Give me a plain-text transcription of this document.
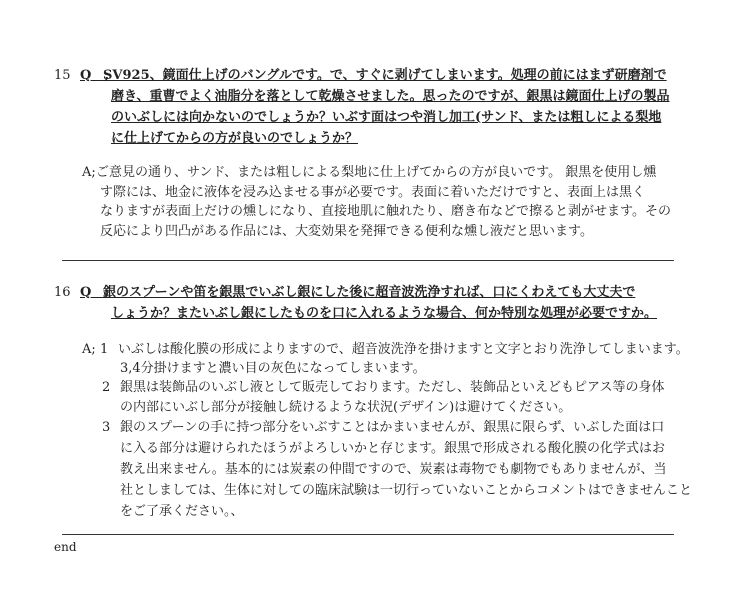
15 Q　;
SV925、鏡面仕上げのバングルです。で、すぐに剥げてしまいます。処理の前にはまず研磨剤で
磨き、重曹でよく油脂分を落として乾燥させました。思ったのですが、銀黒は鏡面仕上げの製品
のいぶしには向かないのでしょうか？いぶす面はつや消し加工(サンド、または粗しによる梨地
に仕上げてからの方が良いのでしょうか？
A; ご意見の通り、サンド、または粗しによる梨地に仕上げてからの方が良いです。 銀黒を使用し燻
す際には、地金に液体を浸み込ませる事が必要です。表面に着いただけですと、表面上は黒く
なりますが表面上だけの燻しになり、直接地肌に触れたり、磨き布などで擦ると剥がせます。その
反応により凹凸がある作品には、大変効果を発揮できる便利な燻し液だと思います。
16 Q　;
銀のスプーンや笛を銀黒でいぶし銀にした後に超音波洗浄すれば、口にくわえても大丈夫で
しょうか？またいぶし銀にしたものを口に入れるような場合、何か特別な処理が必要ですか。
A; 1 いぶしは酸化膜の形成によりますので、超音波洗浄を掛けますと文字とおり洗浄してしまいます。
3,4分掛けますと濃い目の灰色になってしまいます。
2 銀黒は装飾品のいぶし液として販売しております。ただし、装飾品といえどもピアス等の身体
の内部にいぶし部分が接触し続けるような状況(デザイン)は避けてください。
3 銀のスプーンの手に持つ部分をいぶすことはかまいませんが、銀黒に限らず、いぶした面は口
に入る部分は避けられたほうがよろしいかと存じます。銀黒で形成される酸化膜の化学式はお
教え出来ません。基本的には炭素の仲間ですので、炭素は毒物でも劇物でもありませんが、当
社としましては、生体に対しての臨床試験は一切行っていないことからコメントはできませんこと
をご了承ください。、
end
